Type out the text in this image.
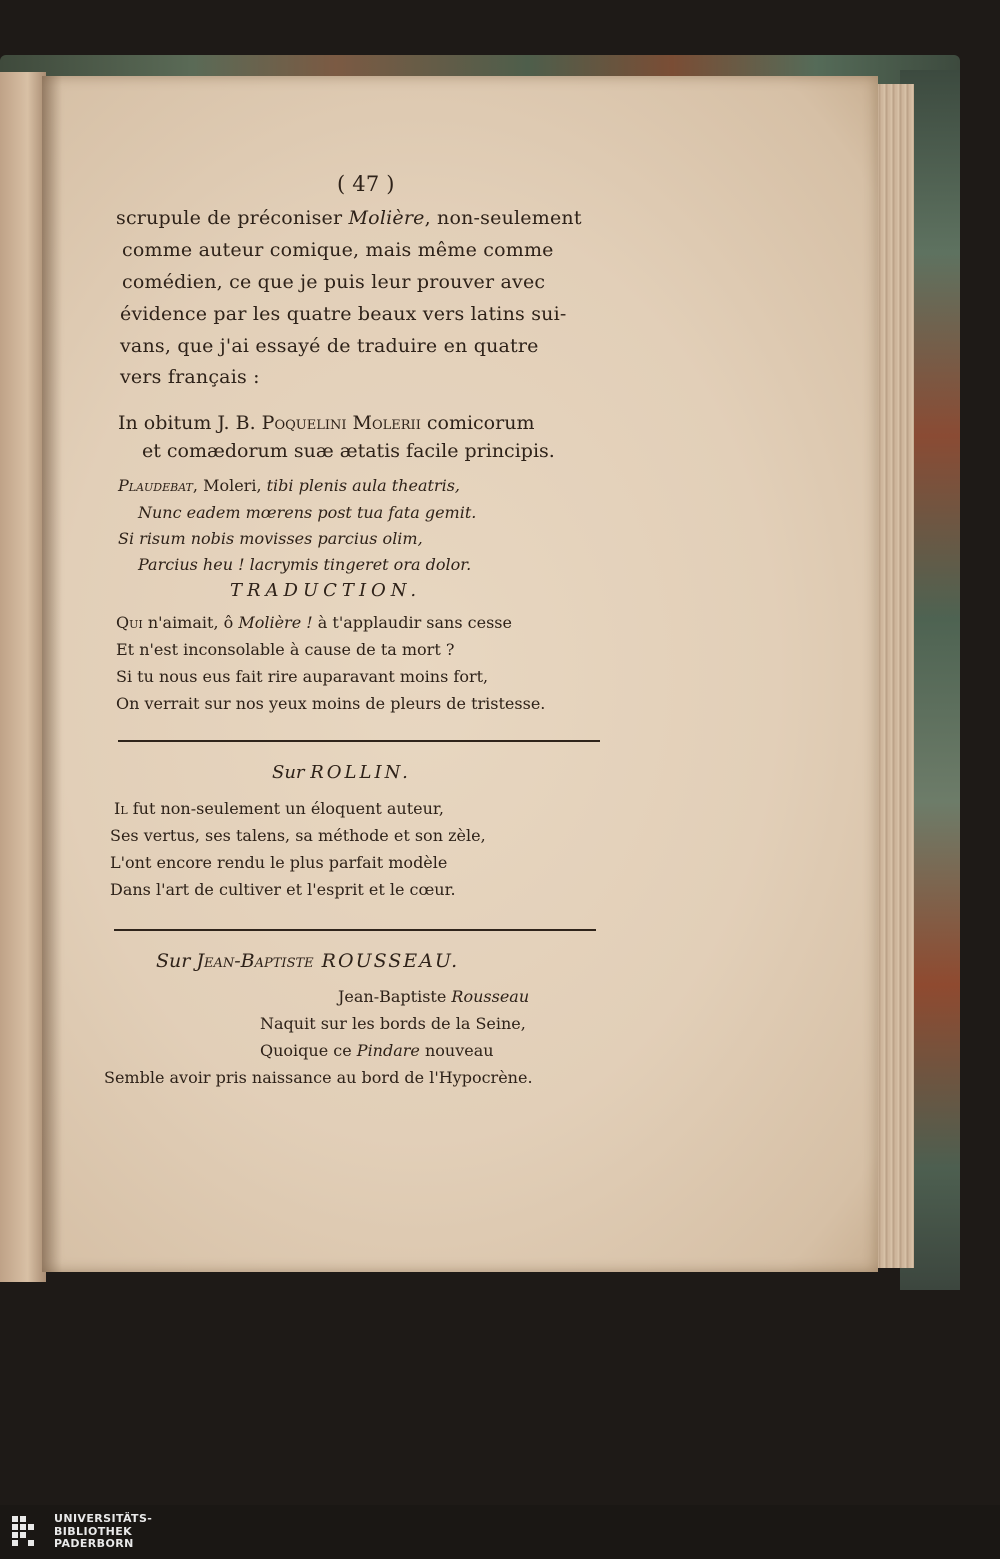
( 47 )
scrupule de préconiser Molière, non-seulement
comme auteur comique, mais même comme
comédien, ce que je puis leur prouver avec
évidence par les quatre beaux vers latins sui-
vans, que j'ai essayé de traduire en quatre
vers français :
In obitum J. B. Poquelini Molerii comicorum
et comædorum suæ ætatis facile principis.
Plaudebat, Moleri, tibi plenis aula theatris,
Nunc eadem mœrens post tua fata gemit.
Si risum nobis movisses parcius olim,
Parcius heu ! lacrymis tingeret ora dolor.
TRADUCTION.
Qui n'aimait, ô Molière ! à t'applaudir sans cesse
Et n'est inconsolable à cause de ta mort ?
Si tu nous eus fait rire auparavant moins fort,
On verrait sur nos yeux moins de pleurs de tristesse.
Sur ROLLIN.
Il fut non-seulement un éloquent auteur,
Ses vertus, ses talens, sa méthode et son zèle,
L'ont encore rendu le plus parfait modèle
Dans l'art de cultiver et l'esprit et le cœur.
Sur Jean-Baptiste ROUSSEAU.
Jean-Baptiste Rousseau
Naquit sur les bords de la Seine,
Quoique ce Pindare nouveau
Semble avoir pris naissance au bord de l'Hypocrène.
UNIVERSITÄTS-
BIBLIOTHEK
PADERBORN
